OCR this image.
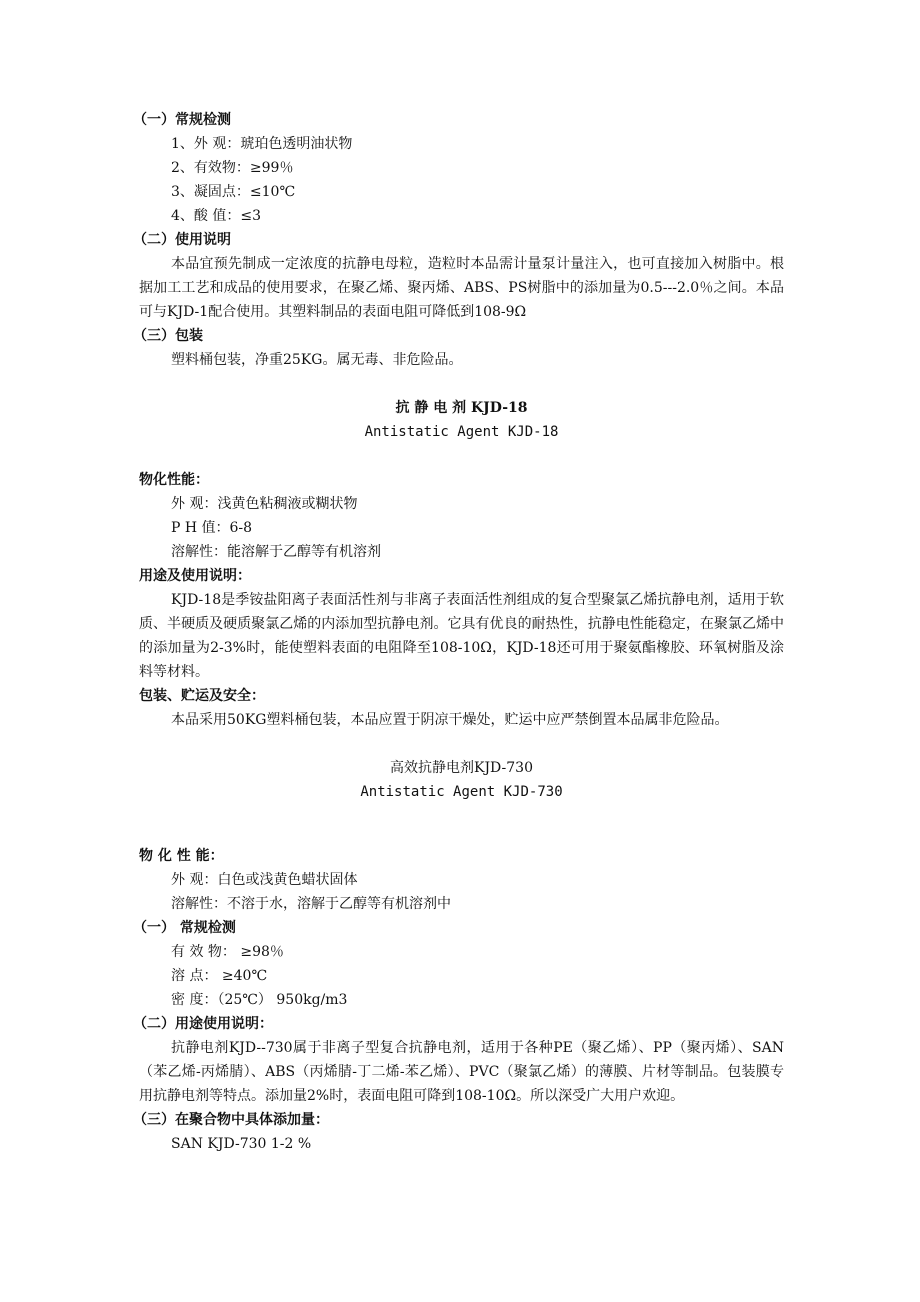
（一）常规检测
1、外 观：琥珀色透明油状物
2、有效物：≥99％
3、凝固点：≤10℃
4、酸 值：≤3
（二）使用说明
本品宜预先制成一定浓度的抗静电母粒，造粒时本品需计量泵计量注入，也可直接加入树脂中。根据加工工艺和成品的使用要求，在聚乙烯、聚丙烯、ABS、PS树脂中的添加量为0.5---2.0％之间。本品可与KJD-1配合使用。其塑料制品的表面电阻可降低到108-9Ω
（三）包装
塑料桶包装，净重25KG。属无毒、非危险品。
抗 静 电 剂 KJD-18
Antistatic Agent KJD-18
物化性能：
外 观：浅黄色粘稠液或糊状物
P H 值：6-8
溶解性：能溶解于乙醇等有机溶剂
用途及使用说明：
KJD-18是季铵盐阳离子表面活性剂与非离子表面活性剂组成的复合型聚氯乙烯抗静电剂，适用于软质、半硬质及硬质聚氯乙烯的内添加型抗静电剂。它具有优良的耐热性，抗静电性能稳定，在聚氯乙烯中的添加量为2-3%时，能使塑料表面的电阻降至108-10Ω，KJD-18还可用于聚氨酯橡胶、环氧树脂及涂料等材料。
包装、贮运及安全：
本品采用50KG塑料桶包装，本品应置于阴凉干燥处，贮运中应严禁倒置本品属非危险品。
高效抗静电剂KJD-730
Antistatic Agent KJD-730
物 化 性 能：
外 观：白色或浅黄色蜡状固体
溶解性：不溶于水，溶解于乙醇等有机溶剂中
（一） 常规检测
有 效 物： ≥98％
溶 点： ≥40℃
密 度：（25℃） 950kg/m3
（二）用途使用说明：
抗静电剂KJD--730属于非离子型复合抗静电剂，适用于各种PE（聚乙烯）、PP（聚丙烯）、SAN（苯乙烯-丙烯腈）、ABS（丙烯腈-丁二烯-苯乙烯）、PVC（聚氯乙烯）的薄膜、片材等制品。包装膜专用抗静电剂等特点。添加量2%时，表面电阻可降到108-10Ω。所以深受广大用户欢迎。
（三）在聚合物中具体添加量：
SAN KJD-730 1-2 %
